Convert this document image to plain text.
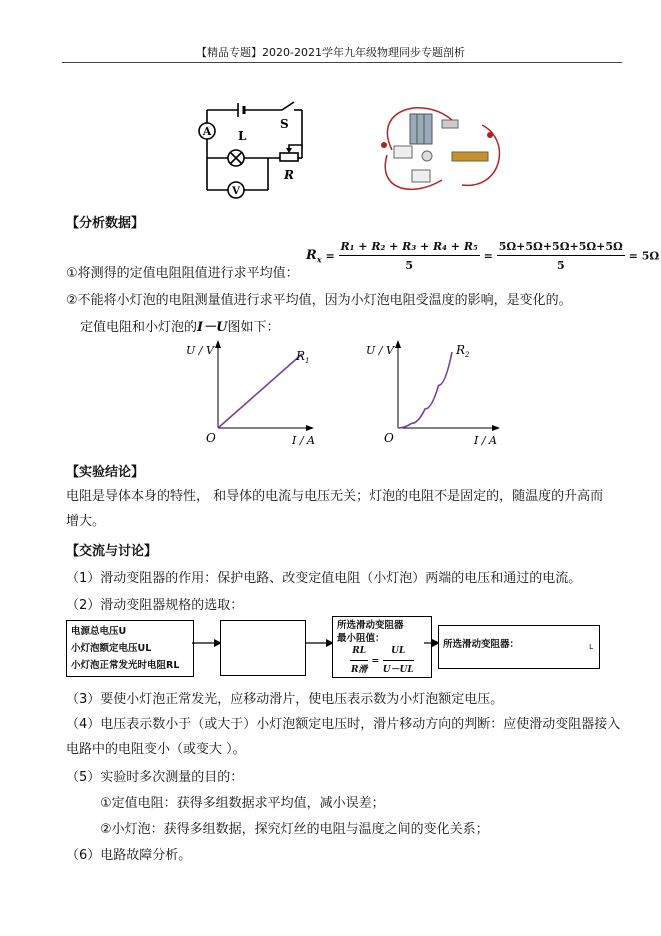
【精品专题】2020-2021学年九年级物理同步专题剖析
A
V
S
L
R
【分析数据】
①将测得的定值电阻阻值进行求平均值：
$R_x = \frac{\text{R₁ + R₂ + R₃ + R₄ + R₅}}{5} = \frac{5\Omega+5\Omega+5\Omega+5\Omega+5\Omega}{5} = 5\Omega$
②不能将小灯泡的电阻测量值进行求平均值，因为小灯泡电阻受温度的影响，是变化的。
定值电阻和小灯泡的I－U图如下：
U / V
I / A
O
$R_1$
U / V
I / A
O
$R_2$
【实验结论】
电阻是导体本身的特性， 和导体的电流与电压无关；灯泡的电阻不是固定的，随温度的升高而增大。
【交流与讨论】
（1）滑动变阻器的作用：保护电路、改变定值电阻（小灯泡）两端的电压和通过的电流。
（2）滑动变阻器规格的选取：
电源总电压U
小灯泡额定电压UL
小灯泡正常发光时电阻RL
所选滑动变阻器
最小阻值：
$\frac{RL}{\text{R滑}} = \frac{UL}{U-UL}$
所选滑动变阻器：	L
（3）要使小灯泡正常发光，应移动滑片，使电压表示数为小灯泡额定电压。
（4）电压表示数小于（或大于）小灯泡额定电压时，滑片移动方向的判断：应使滑动变阻器接入电路中的电阻变小（或变大 ）。
（5）实验时多次测量的目的：
①定值电阻：获得多组数据求平均值，减小误差；
②小灯泡：获得多组数据，探究灯丝的电阻与温度之间的变化关系；
（6）电路故障分析。
